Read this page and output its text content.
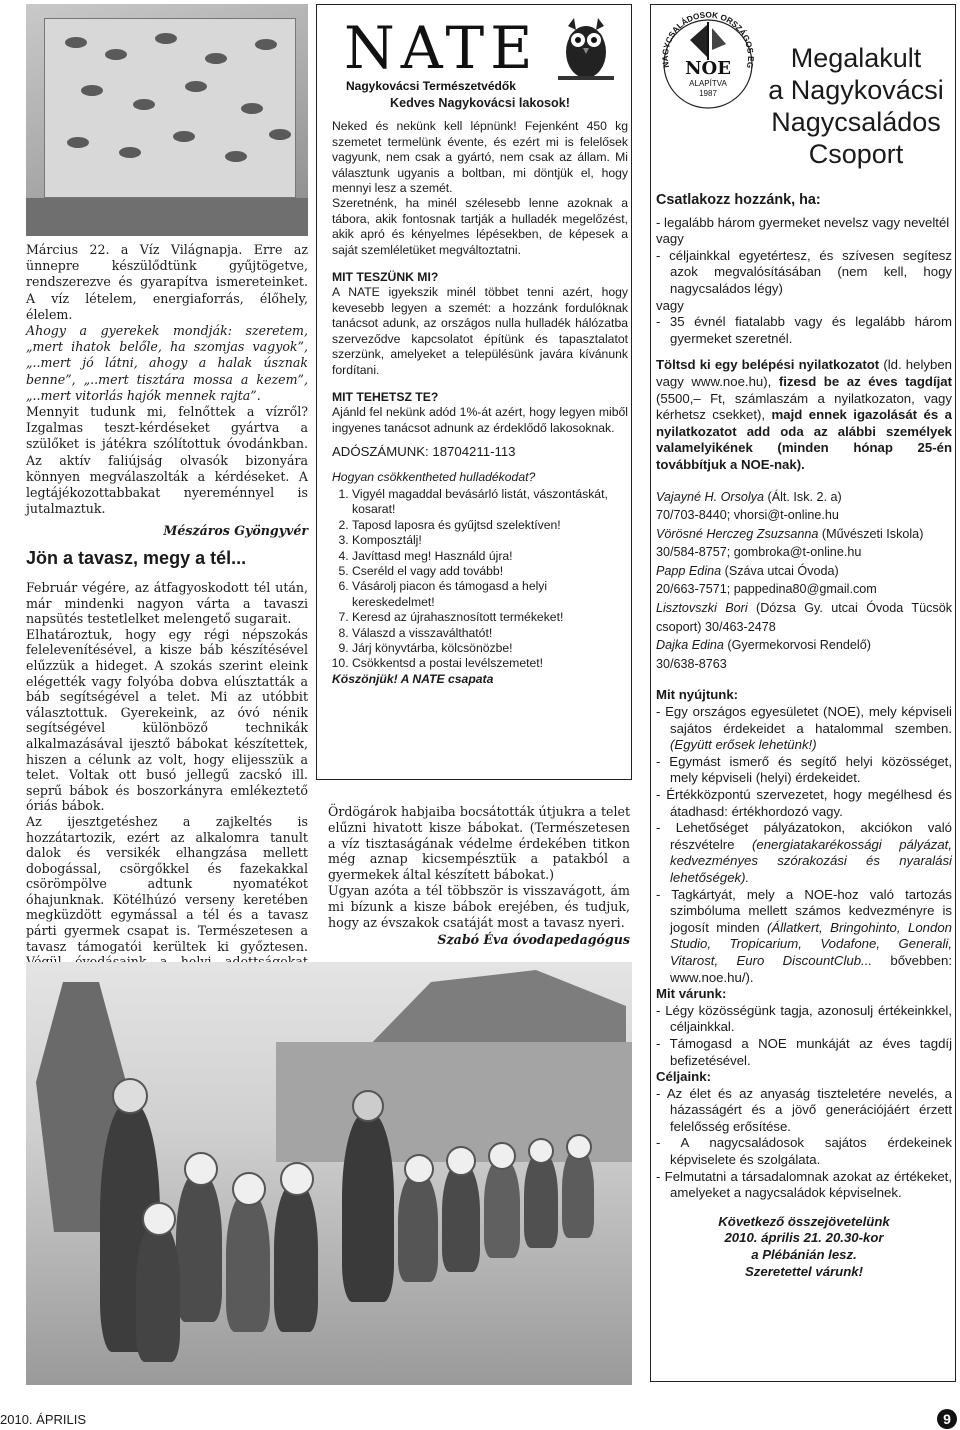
Március 22. a Víz Világnapja. Erre az ünnepre készülődtünk gyűjtögetve, rendszerezve és gyarapítva ismereteinket. A víz lételem, energiaforrás, élőhely, élelem.

Ahogy a gyerekek mondják: szeretem, „mert ihatok belőle, ha szomjas vagyok”, „..mert jó látni, ahogy a halak úsznak benne”, „..mert tisztára mossa a kezem”, „..mert vitorlás hajók mennek rajta”.

Mennyit tudunk mi, felnőttek a vízről? Izgalmas teszt-kérdéseket gyártva a szülőket is játékra szólítottuk óvodánkban. Az aktív faliújság olvasók bizonyára könnyen megválaszolták a kérdéseket. A legtájékozottabbakat nyereménnyel is jutalmaztuk.

Mészáros Gyöngyvér

Jön a tavasz, megy a tél...

Február végére, az átfagyoskodott tél után, már mindenki nagyon várta a tavaszi napsütés testetlelket melengető sugarait.

Elhatároztuk, hogy egy régi népszokás felelevenítésével, a kisze báb készítésével elűzzük a hideget. A szokás szerint eleink elégették vagy folyóba dobva elúsztatták a báb segítségével a telet. Mi az utóbbit választottuk. Gyerekeink, az óvó nénik segítségével különböző technikák alkalmazásával ijesztő bábokat készítettek, hiszen a célunk az volt, hogy elijesszük a telet. Voltak ott busó jellegű zacskó ill. seprű bábok és boszorkányra emlékeztető óriás bábok.

Az ijesztgetéshez a zajkeltés is hozzátartozik, ezért az alkalomra tanult dalok és versikék elhangzása mellett dobogással, csörgőkkel és fazekakkal csörömpölve adtunk nyomatékot óhajunknak. Kötélhúzó verseny keretében megküzdött egymással a tél és a tavasz párti gyermek csapat is. Természetesen a tavasz támogatói kerültek ki győztesen.

NATE
Nagykovácsi Természetvédők
Kedves Nagykovácsi lakosok!

Neked és nekünk kell lépnünk! Fejenként 450 kg szemetet termelünk évente, és ezért mi is felelősek vagyunk, nem csak a gyártó, nem csak az állam. Mi választunk ugyanis a boltban, mi döntjük el, hogy mennyi lesz a szemét.

Szeretnénk, ha minél szélesebb lenne azoknak a tábora, akik fontosnak tartják a hulladék megelőzést, akik apró és kényelmes lépésekben, de képesek a saját szemléletüket megváltoztatni.

MIT TESZÜNK MI?

A NATE igyekszik minél többet tenni azért, hogy kevesebb legyen a szemét: a hozzánk fordulóknak tanácsot adunk, az országos nulla hulladék hálózatba szerveződve kapcsolatot építünk és tapasztalatot szerzünk, amelyeket a településünk javára kívánunk fordítani.

MIT TEHETSZ TE?

Ajánld fel nekünk adód 1%-át azért, hogy legyen miből ingyenes tanácsot adnunk az érdeklődő lakosoknak.

ADÓSZÁMUNK: 18704211-113

Hogyan csökkentheted hulladékodat?

1. Vigyél magaddal bevásárló listát, vászontáskát, kosarat!
2. Taposd laposra és gyűjtsd szelektíven!
3. Komposztálj!
4. Javíttasd meg! Használd újra!
5. Cseréld el vagy add tovább!
6. Vásárolj piacon és támogasd a helyi kereskedelmet!
7. Keresd az újrahasznosított termékeket!
8. Válaszd a visszaválthatót!
9. Járj könyvtárba, kölcsönözbe!
10. Csökkentsd a postai levélszemetet!

Köszönjük! A NATE csapata

Ördögárok habjaiba bocsátották útjukra a telet elűzni hivatott kisze bábokat. (Természetesen a víz tisztaságának védelme érdekében titkon még aznap kicsempésztük a patakból a gyermekek által készített bábokat.)

Ugyan azóta a tél többször is visszavágott, ám mi bízunk a kisze bábok erejében, és tudjuk, hogy az évszakok csatáját most a tavasz nyeri.

Szabó Éva óvodapedagógus

NAGYCSALÁDOSOK ORSZÁGOS EG
NOE
ALAPÍTVA
1987
Megalakult
a Nagykovácsi
Nagycsaládos
Csoport

Csatlakozz hozzánk, ha:

- legalább három gyermeket nevelsz vagy neveltél

vagy

- céljainkkal egyetértesz, és szívesen segítesz azok megvalósításában (nem kell, hogy nagycsaládos légy)

vagy

- 35 évnél fiatalabb vagy és legalább három gyermeket szeretnél.

Töltsd ki egy belépési nyilatkozatot (ld. helyben vagy www.noe.hu), fizesd be az éves tagdíjat (5500,– Ft, számlaszám a nyilatkozaton, vagy kérhetsz csekket), majd ennek igazolását és a nyilatkozatot add oda az alábbi személyek valamelyikének (minden hónap 25-én továbbítjuk a NOE-nak).

Vajayné H. Orsolya (Ált. Isk. 2. a)

70/703-8440; vhorsi@t-online.hu

Vörösné Herczeg Zsuzsanna (Művészeti Iskola)

30/584-8757; gombroka@t-online.hu

Papp Edina (Száva utcai Óvoda)

20/663-7571; pappedina80@gmail.com

Lisztovszki Bori (Dózsa Gy. utcai Óvoda Tücsök csoport) 30/463-2478

Dajka Edina (Gyermekorvosi Rendelő)

30/638-8763

Mit nyújtunk:

- Egy országos egyesületet (NOE), mely képviseli sajátos érdekeidet a hatalommal szemben. (Együtt erősek lehetünk!)

- Egymást ismerő és segítő helyi közösséget, mely képviseli (helyi) érdekeidet.

- Értékközpontú szervezetet, hogy megélhesd és átadhasd: értékhordozó vagy.

- Lehetőséget pályázatokon, akciókon való részvételre (energiatakarékossági pályázat, kedvezményes szórakozási és nyaralási lehetőségek).

- Tagkártyát, mely a NOE-hoz való tartozás szimbóluma mellett számos kedvezményre is jogosít minden (Állatkert, Bringohinto, London Studio, Tropicarium, Vodafone, Generali, Vitarost, Euro DiscountClub... bővebben: www.noe.hu/).

Mit várunk:

- Légy közösségünk tagja, azonosulj értékeinkkel, céljainkkal.

- Támogasd a NOE munkáját az éves tagdíj befizetésével.

Céljaink:

- Az élet és az anyaság tiszteletére nevelés, a házasságért és a jövő generációjáért érzett felelősség erősítése.

- A nagycsaládosok sajátos érdekeinek képviselete és szolgálata.

- Felmutatni a társadalomnak azokat az értékeket, amelyeket a nagycsaládok képviselnek.

Következő összejövetelünk

2010. április 21. 20.30-kor

a Plébánián lesz.

Szeretettel várunk!

2010. ÁPRILIS	9
